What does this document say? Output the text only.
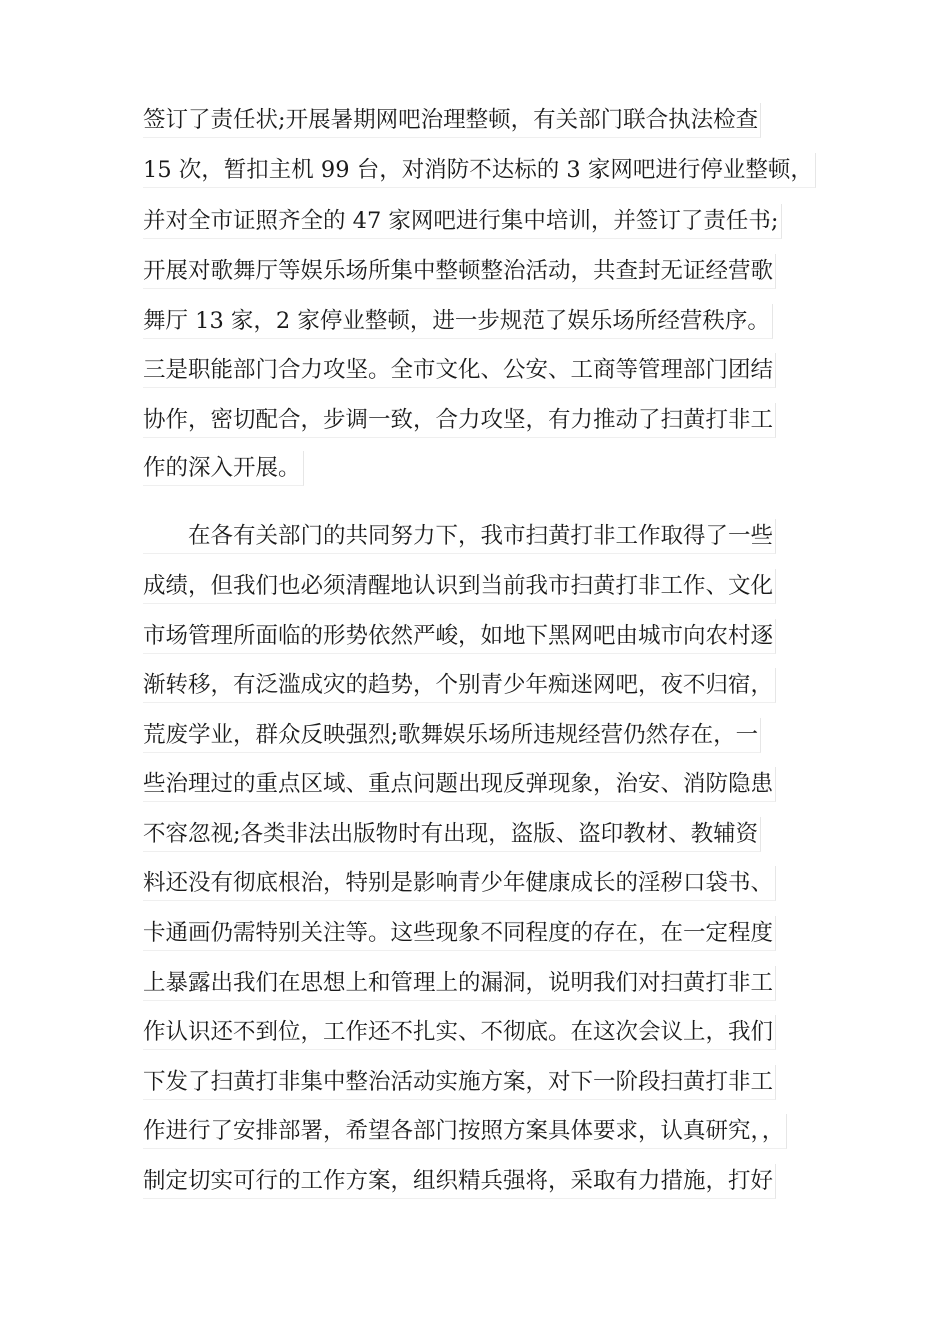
签订了责任状;开展暑期网吧治理整顿，有关部门联合执法检查
15 次，暂扣主机 99 台，对消防不达标的 3 家网吧进行停业整顿，
并对全市证照齐全的 47 家网吧进行集中培训，并签订了责任书;
开展对歌舞厅等娱乐场所集中整顿整治活动，共查封无证经营歌
舞厅 13 家，2 家停业整顿，进一步规范了娱乐场所经营秩序。
三是职能部门合力攻坚。全市文化、公安、工商等管理部门团结
协作，密切配合，步调一致，合力攻坚，有力推动了扫黄打非工
作的深入开展。
　　在各有关部门的共同努力下，我市扫黄打非工作取得了一些
成绩，但我们也必须清醒地认识到当前我市扫黄打非工作、文化
市场管理所面临的形势依然严峻，如地下黑网吧由城市向农村逐
渐转移，有泛滥成灾的趋势，个别青少年痴迷网吧，夜不归宿，
荒废学业，群众反映强烈;歌舞娱乐场所违规经营仍然存在，一
些治理过的重点区域、重点问题出现反弹现象，治安、消防隐患
不容忽视;各类非法出版物时有出现，盗版、盗印教材、教辅资
料还没有彻底根治，特别是影响青少年健康成长的淫秽口袋书、
卡通画仍需特别关注等。这些现象不同程度的存在，在一定程度
上暴露出我们在思想上和管理上的漏洞，说明我们对扫黄打非工
作认识还不到位，工作还不扎实、不彻底。在这次会议上，我们
下发了扫黄打非集中整治活动实施方案，对下一阶段扫黄打非工
作进行了安排部署，希望各部门按照方案具体要求，认真研究，，
制定切实可行的工作方案，组织精兵强将，采取有力措施，打好
